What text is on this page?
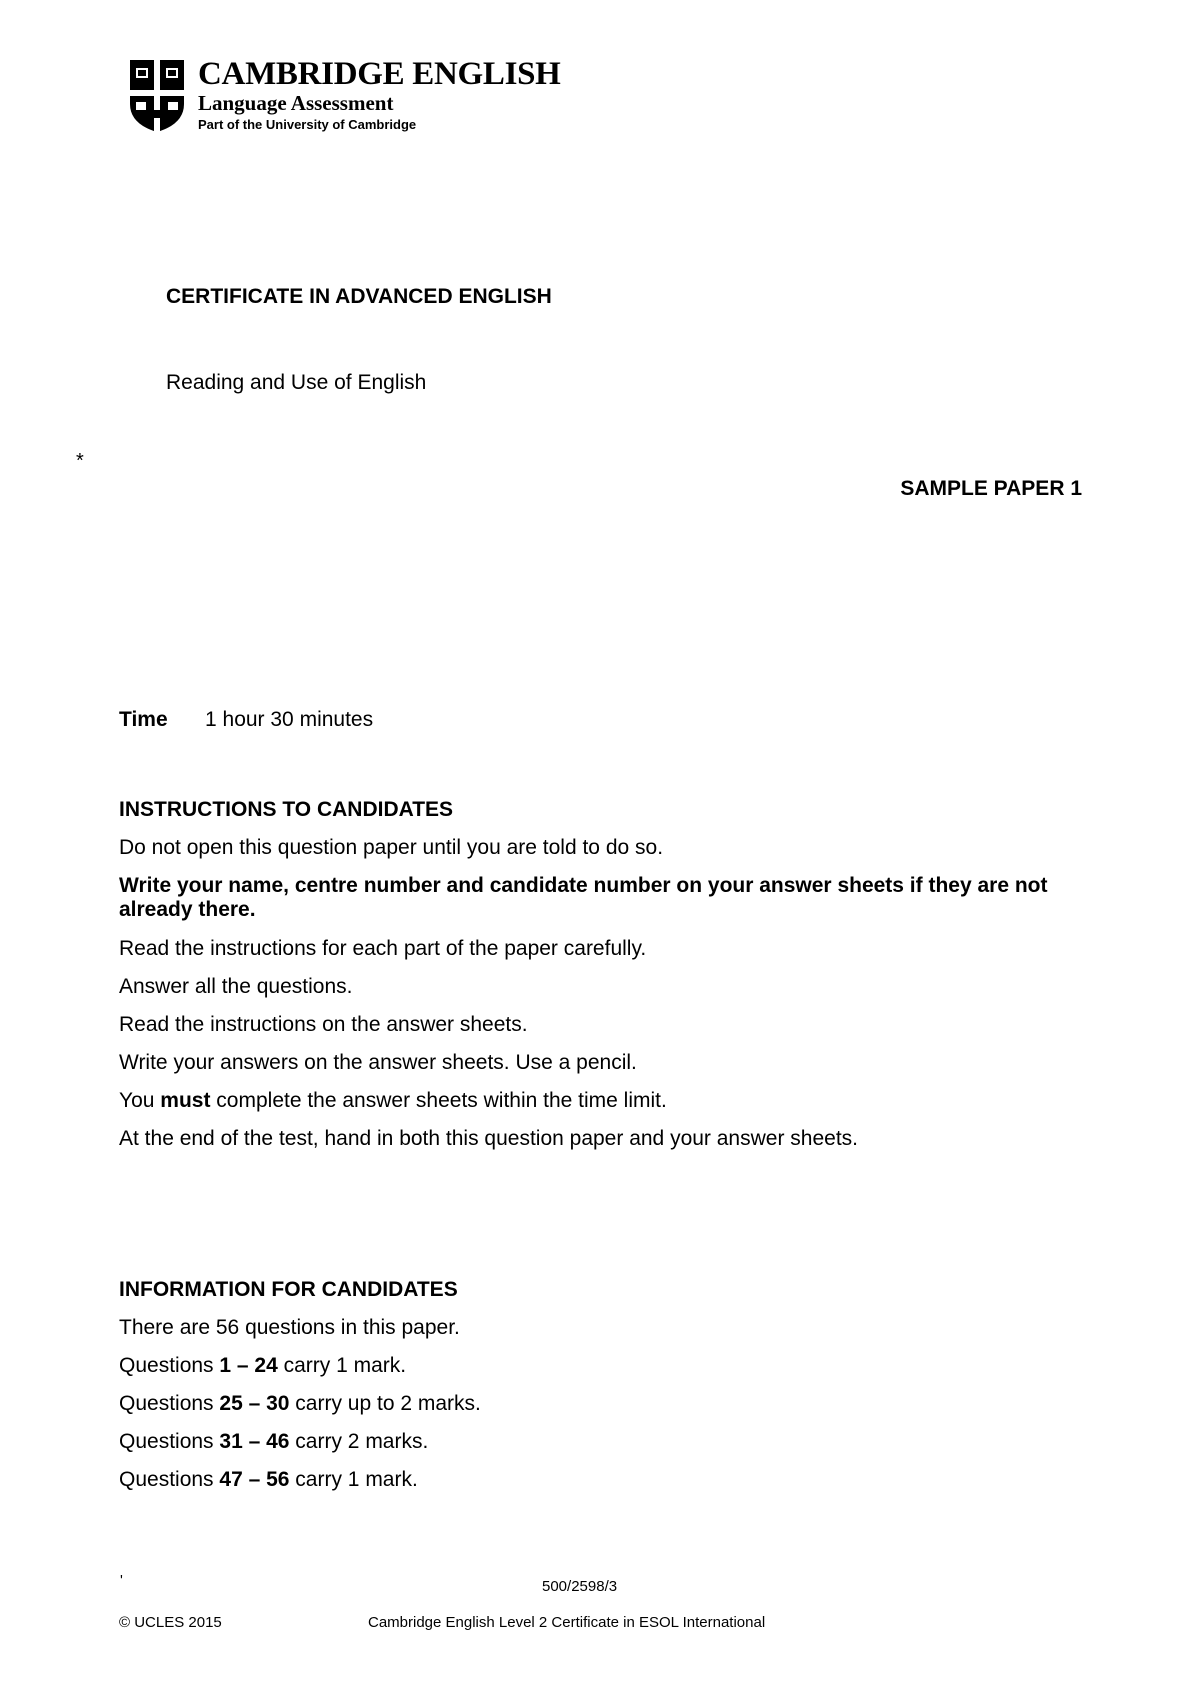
CAMBRIDGE ENGLISH
Language Assessment
Part of the University of Cambridge
CERTIFICATE IN ADVANCED ENGLISH
Reading and Use of English
*
SAMPLE PAPER 1
Time 1 hour 30 minutes
INSTRUCTIONS TO CANDIDATES
Do not open this question paper until you are told to do so.
Write your name, centre number and candidate number on your answer sheets if they are not already there.
Read the instructions for each part of the paper carefully.
Answer all the questions.
Read the instructions on the answer sheets.
Write your answers on the answer sheets. Use a pencil.
You must complete the answer sheets within the time limit.
At the end of the test, hand in both this question paper and your answer sheets.
INFORMATION FOR CANDIDATES
There are 56 questions in this paper.
Questions 1 – 24 carry 1 mark.
Questions 25 – 30 carry up to 2 marks.
Questions 31 – 46 carry 2 marks.
Questions 47 – 56 carry 1 mark.
'	500/2598/3
© UCLES 2015	Cambridge English Level 2 Certificate in ESOL International
